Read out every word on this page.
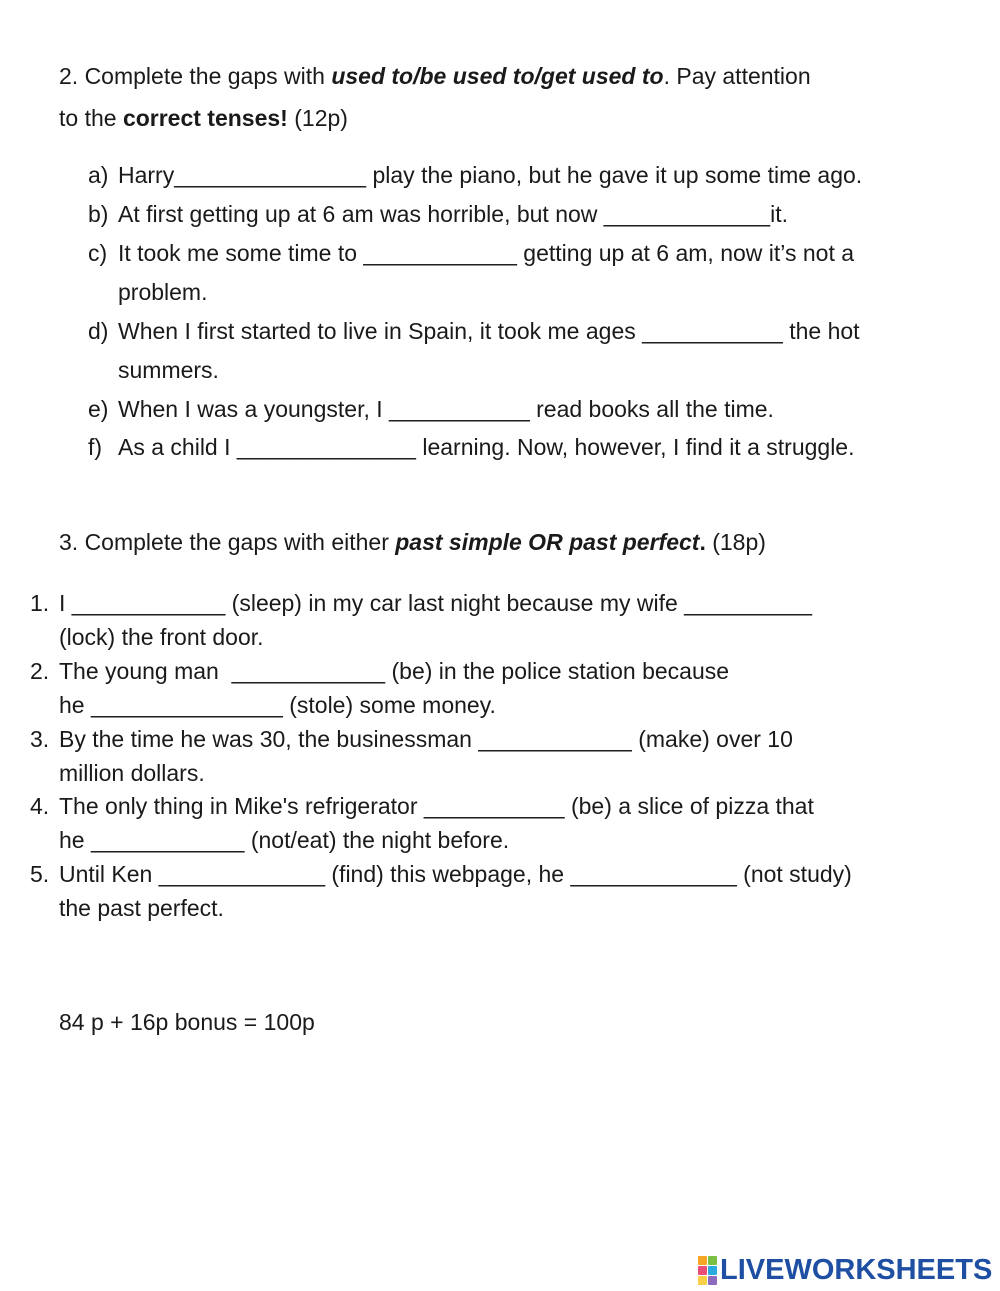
2. Complete the gaps with used to/be used to/get used to. Pay attention
to the correct tenses! (12p)
a) Harry_______________ play the piano, but he gave it up some time ago.
b) At first getting up at 6 am was horrible, but now _____________it.
c) It took me some time to ____________ getting up at 6 am, now it’s not a
problem.
d) When I first started to live in Spain, it took me ages ___________ the hot
summers.
e) When I was a youngster, I ___________ read books all the time.
f) As a child I ______________ learning. Now, however, I find it a struggle.
3. Complete the gaps with either past simple OR past perfect. (18p)
1. I ____________ (sleep) in my car last night because my wife __________
(lock) the front door.
2. The young man  ____________ (be) in the police station because
he _______________ (stole) some money.
3. By the time he was 30, the businessman ____________ (make) over 10
million dollars.
4. The only thing in Mike's refrigerator ___________ (be) a slice of pizza that
he ____________ (not/eat) the night before.
5. Until Ken _____________ (find) this webpage, he _____________ (not study)
the past perfect.
84 p + 16p bonus = 100p
LIVEWORKSHEETS
